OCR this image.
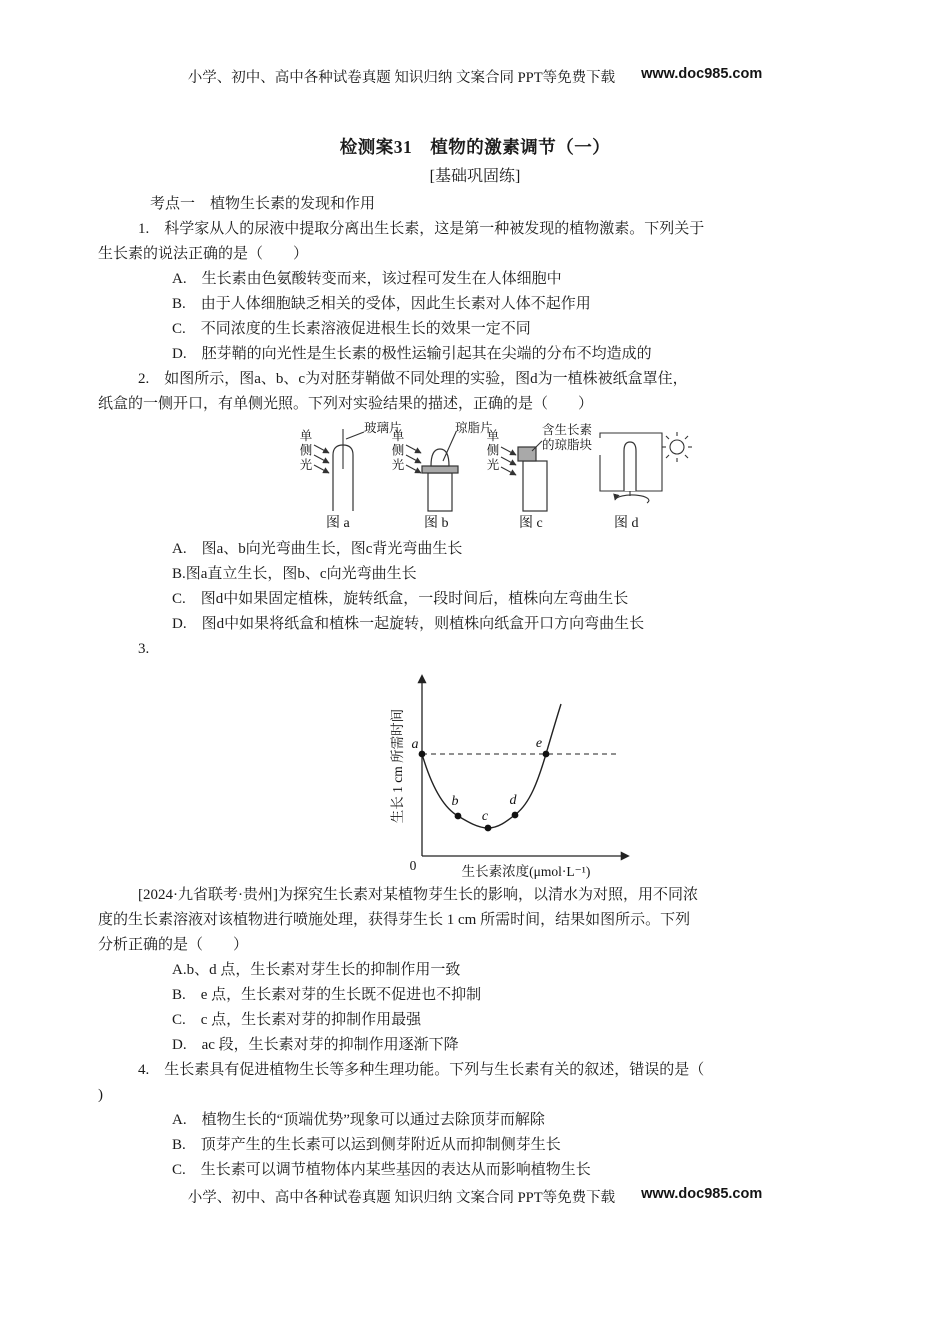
小学、初中、高中各种试卷真题 知识归纳 文案合同 PPT等免费下载 www.doc985.com
检测案31　植物的激素调节（一）
[基础巩固练]
考点一　植物生长素的发现和作用
1.　科学家从人的尿液中提取分离出生长素，这是第一种被发现的植物激素。下列关于
生长素的说法正确的是（　　）
A.　生长素由色氨酸转变而来，该过程可发生在人体细胞中
B.　由于人体细胞缺乏相关的受体，因此生长素对人体不起作用
C.　不同浓度的生长素溶液促进根生长的效果一定不同
D.　胚芽鞘的向光性是生长素的极性运输引起其在尖端的分布不均造成的
2.　如图所示，图a、b、c为对胚芽鞘做不同处理的实验，图d为一植株被纸盒罩住，
纸盒的一侧开口，有单侧光照。下列对实验结果的描述，正确的是（　　）
单侧光	单侧光	单侧光
玻璃片	琼脂片	含生长素
的琼脂块
图 a	图 b	图 c	图 d
A.　图a、b向光弯曲生长，图c背光弯曲生长
B.图a直立生长，图b、c向光弯曲生长
C.　图d中如果固定植株，旋转纸盒，一段时间后，植株向左弯曲生长
D.　图d中如果将纸盒和植株一起旋转，则植株向纸盒开口方向弯曲生长
3.
a
b
c
d
e
0	生长素浓度(μmol·L⁻¹)
生长 1 cm 所需时间
[2024·九省联考·贵州]为探究生长素对某植物芽生长的影响，以清水为对照，用不同浓
度的生长素溶液对该植物进行喷施处理，获得芽生长 1 cm 所需时间，结果如图所示。下列
分析正确的是（　　）
A.b、d 点，生长素对芽生长的抑制作用一致
B.　e 点，生长素对芽的生长既不促进也不抑制
C.　c 点，生长素对芽的抑制作用最强
D.　ac 段，生长素对芽的抑制作用逐渐下降
4.　生长素具有促进植物生长等多种生理功能。下列与生长素有关的叙述，错误的是（
)
A.　植物生长的“顶端优势”现象可以通过去除顶芽而解除
B.　顶芽产生的生长素可以运到侧芽附近从而抑制侧芽生长
C.　生长素可以调节植物体内某些基因的表达从而影响植物生长
小学、初中、高中各种试卷真题 知识归纳 文案合同 PPT等免费下载 www.doc985.com
